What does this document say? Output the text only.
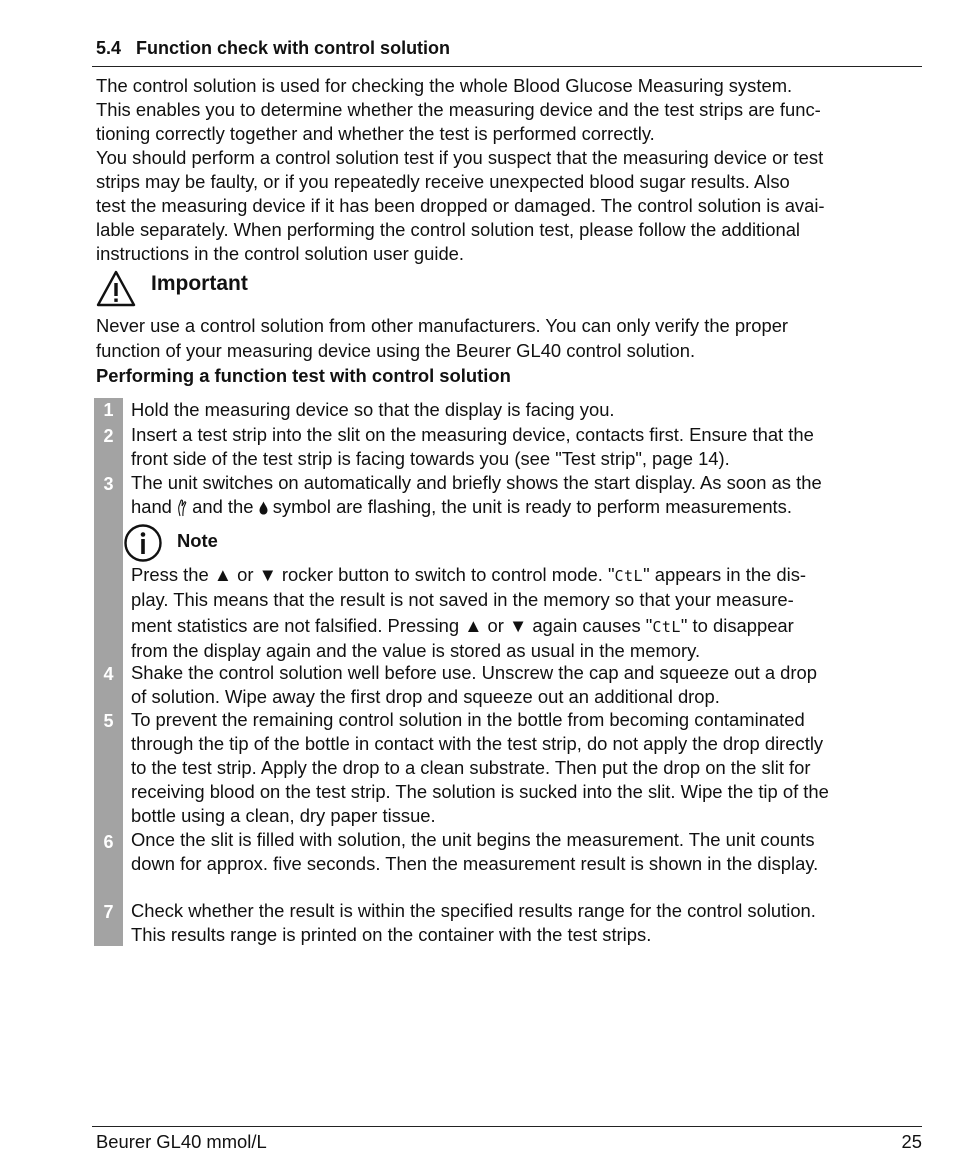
5.4 Function check with control solution

The control solution is used for checking the whole Blood Glucose Measuring system.

This enables you to determine whether the measuring device and the test strips are func-

tioning correctly together and whether the test is performed correctly.

You should perform a control solution test if you suspect that the measuring device or test

strips may be faulty, or if you repeatedly receive unexpected blood sugar results. Also

test the measuring device if it has been dropped or damaged. The control solution is avai-

lable separately. When performing the control solution test, please follow the additional

instructions in the control solution user guide.

Important

Never use a control solution from other manufacturers. You can only verify the proper

function of your measuring device using the Beurer GL40 control solution.

Performing a function test with control solution
1
2
3
4
5
6
7

Hold the measuring device so that the display is facing you.

Insert a test strip into the slit on the measuring device, contacts first. Ensure that the

front side of the test strip is facing towards you (see "Test strip", page 14).

The unit switches on automatically and briefly shows the start display. As soon as the

hand  and the  symbol are flashing, the unit is ready to perform measurements.

Note

Press the ▲ or ▼ rocker button to switch to control mode. "CtL" appears in the dis-

play. This means that the result is not saved in the memory so that your measure-

ment statistics are not falsified. Pressing ▲ or ▼ again causes "CtL" to disappear

from the display again and the value is stored as usual in the memory.

Shake the control solution well before use. Unscrew the cap and squeeze out a drop

of solution. Wipe away the first drop and squeeze out an additional drop.

To prevent the remaining control solution in the bottle from becoming contaminated

through the tip of the bottle in contact with the test strip, do not apply the drop directly

to the test strip. Apply the drop to a clean substrate. Then put the drop on the slit for

receiving blood on the test strip. The solution is sucked into the slit. Wipe the tip of the

bottle using a clean, dry paper tissue.

Once the slit is filled with solution, the unit begins the measurement. The unit counts

down for approx. five seconds. Then the measurement result is shown in the display.

Check whether the result is within the specified results range for the control solution.

This results range is printed on the container with the test strips.

Beurer GL40 mmol/L	25
